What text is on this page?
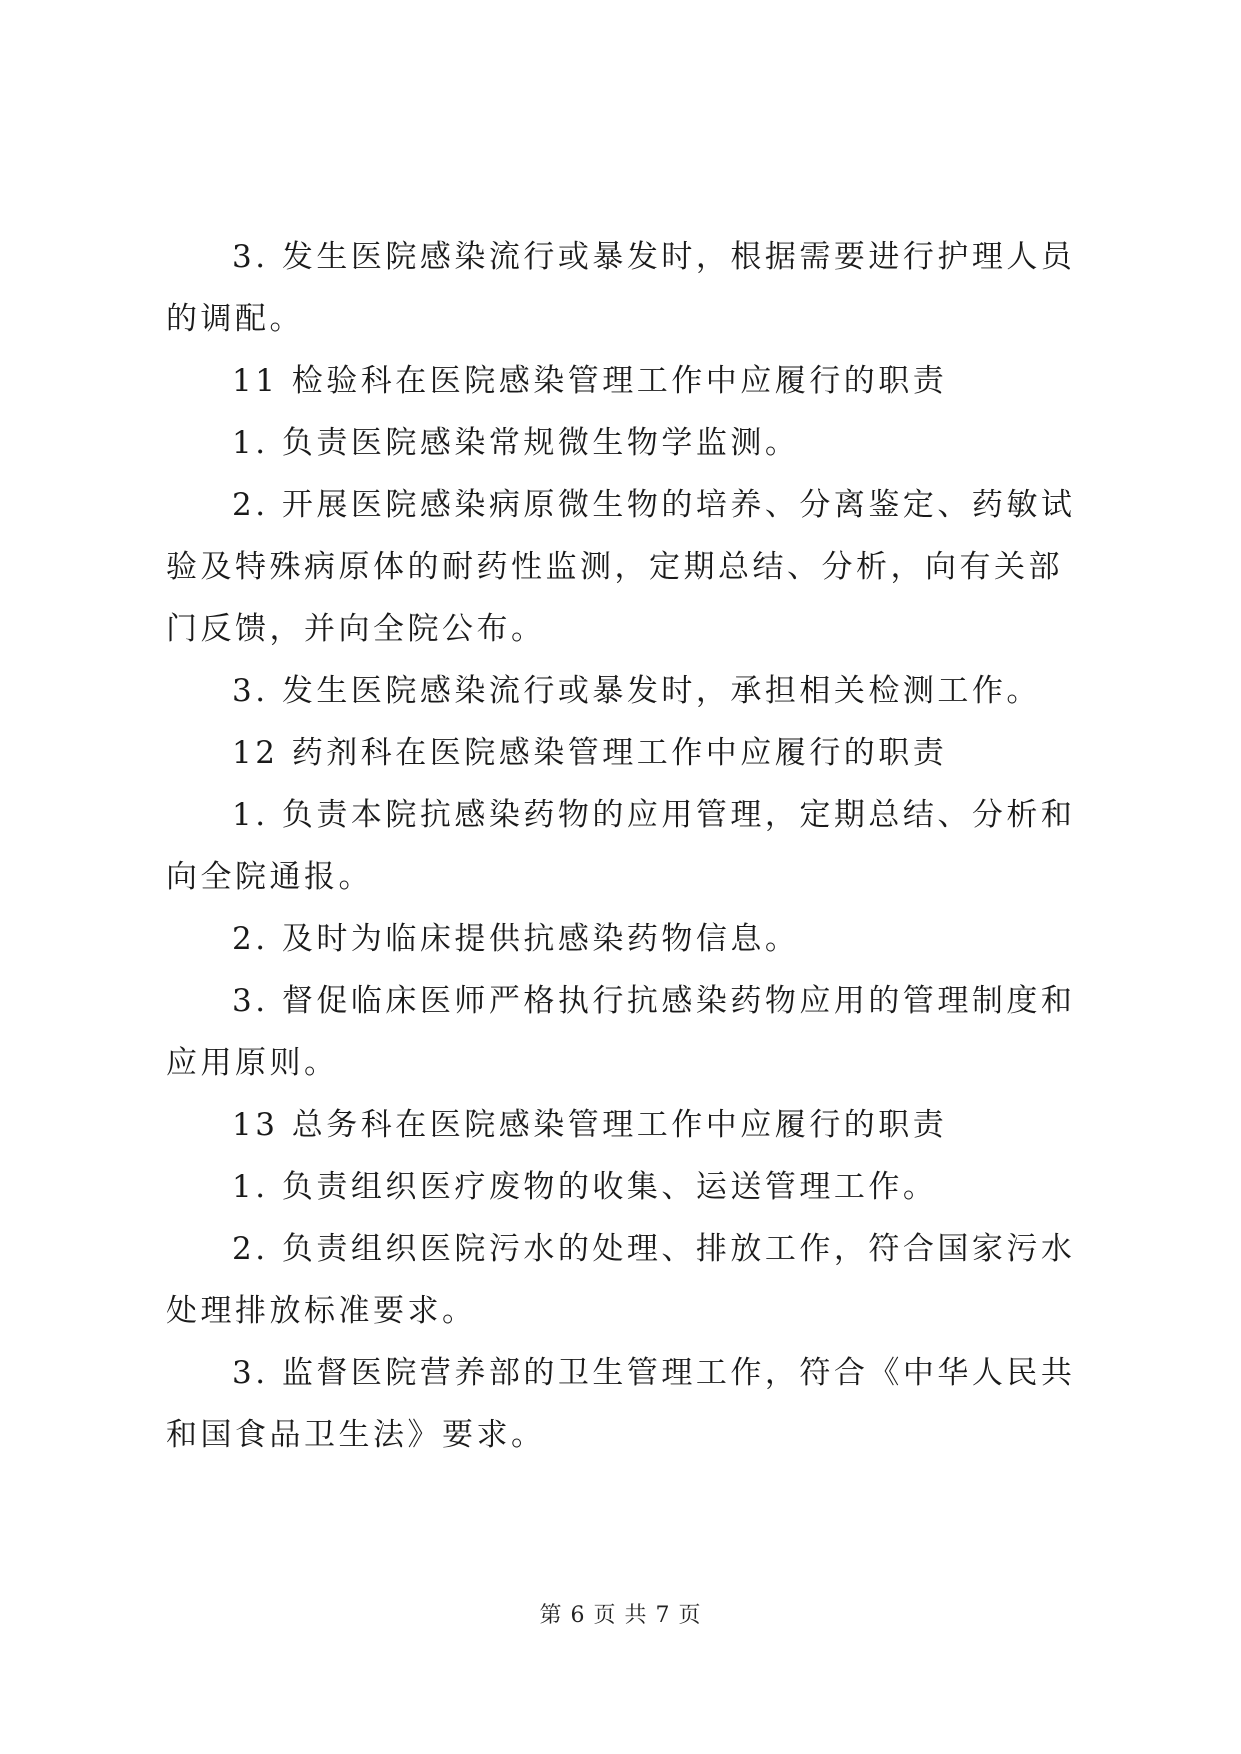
3. 发生医院感染流行或暴发时，根据需要进行护理人员的调配。

11 检验科在医院感染管理工作中应履行的职责

1. 负责医院感染常规微生物学监测。

2. 开展医院感染病原微生物的培养、分离鉴定、药敏试验及特殊病原体的耐药性监测，定期总结、分析，向有关部门反馈，并向全院公布。

3. 发生医院感染流行或暴发时，承担相关检测工作。

12 药剂科在医院感染管理工作中应履行的职责

1. 负责本院抗感染药物的应用管理，定期总结、分析和向全院通报。

2. 及时为临床提供抗感染药物信息。

3. 督促临床医师严格执行抗感染药物应用的管理制度和应用原则。

13 总务科在医院感染管理工作中应履行的职责

1. 负责组织医疗废物的收集、运送管理工作。

2. 负责组织医院污水的处理、排放工作，符合国家污水处理排放标准要求。

3. 监督医院营养部的卫生管理工作，符合《中华人民共和国食品卫生法》要求。

第 6 页 共 7 页
